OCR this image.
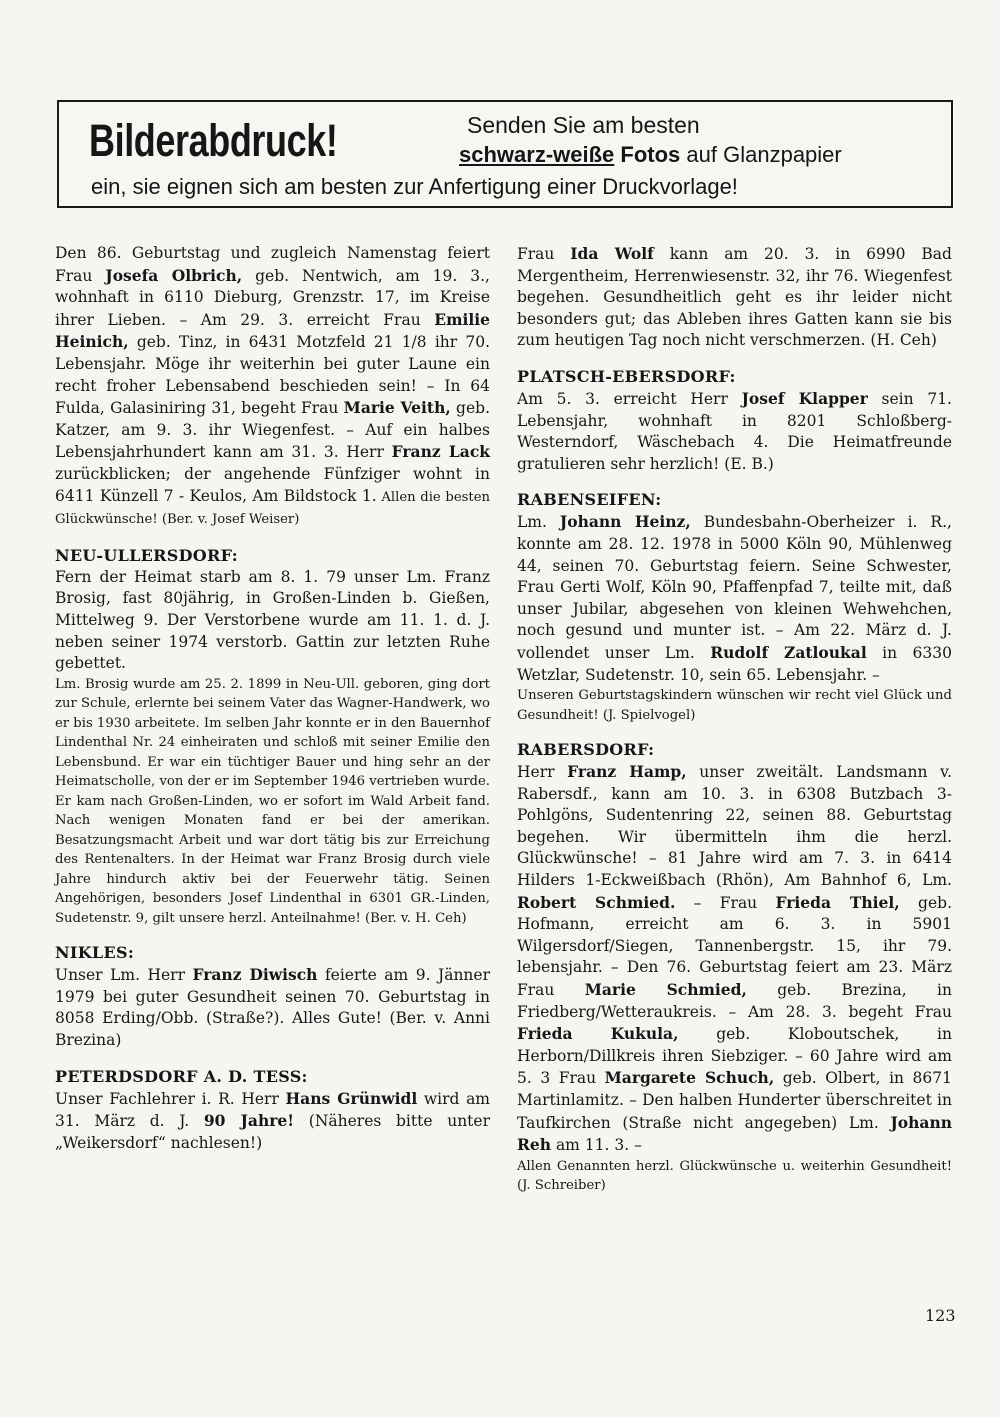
Bilderabdruck!	Senden Sie am besten
schwarz-weiße Fotos auf Glanzpapier
ein, sie eignen sich am besten zur Anfertigung einer Druckvorlage!

Den 86. Geburtstag und zugleich Namenstag feiert Frau Josefa Olbrich, geb. Nentwich, am 19. 3., wohnhaft in 6110 Dieburg, Grenzstr. 17, im Kreise ihrer Lieben. – Am 29. 3. erreicht Frau Emilie Heinich, geb. Tinz, in 6431 Motzfeld 21 1/8 ihr 70. Lebensjahr. Möge ihr weiterhin bei guter Laune ein recht froher Lebensabend beschieden sein! – In 64 Fulda, Galasiniring 31, begeht Frau Marie Veith, geb. Katzer, am 9. 3. ihr Wiegenfest. – Auf ein halbes Lebensjahrhundert kann am 31. 3. Herr Franz Lack zurückblicken; der angehende Fünfziger wohnt in 6411 Künzell 7 - Keulos, Am Bildstock 1. Allen die besten Glückwünsche! (Ber. v. Josef Weiser)

NEU-ULLERSDORF:

Fern der Heimat starb am 8. 1. 79 unser Lm. Franz Brosig, fast 80jährig, in Großen-Linden b. Gießen, Mittelweg 9. Der Verstorbene wurde am 11. 1. d. J. neben seiner 1974 verstorb. Gattin zur letzten Ruhe gebettet.

Lm. Brosig wurde am 25. 2. 1899 in Neu-Ull. geboren, ging dort zur Schule, erlernte bei seinem Vater das Wagner-Handwerk, wo er bis 1930 arbeitete. Im selben Jahr konnte er in den Bauernhof Lindenthal Nr. 24 einheiraten und schloß mit seiner Emilie den Lebensbund. Er war ein tüchtiger Bauer und hing sehr an der Heimatscholle, von der er im September 1946 vertrieben wurde. Er kam nach Großen-Linden, wo er sofort im Wald Arbeit fand. Nach wenigen Monaten fand er bei der amerikan. Besatzungsmacht Arbeit und war dort tätig bis zur Erreichung des Rentenalters. In der Heimat war Franz Brosig durch viele Jahre hindurch aktiv bei der Feuerwehr tätig. Seinen Angehörigen, besonders Josef Lindenthal in 6301 GR.-Linden, Sudetenstr. 9, gilt unsere herzl. Anteilnahme! (Ber. v. H. Ceh)

NIKLES:

Unser Lm. Herr Franz Diwisch feierte am 9. Jänner 1979 bei guter Gesundheit seinen 70. Geburtstag in 8058 Erding/Obb. (Straße?). Alles Gute! (Ber. v. Anni Brezina)

PETERDSDORF A. D. TESS:

Unser Fachlehrer i. R. Herr Hans Grünwidl wird am 31. März d. J. 90 Jahre! (Näheres bitte unter „Weikersdorf“ nachlesen!)

Frau Ida Wolf kann am 20. 3. in 6990 Bad Mergentheim, Herrenwiesenstr. 32, ihr 76. Wiegenfest begehen. Gesundheitlich geht es ihr leider nicht besonders gut; das Ableben ihres Gatten kann sie bis zum heutigen Tag noch nicht verschmerzen. (H. Ceh)

PLATSCH-EBERSDORF:

Am 5. 3. erreicht Herr Josef Klapper sein 71. Lebensjahr, wohnhaft in 8201 Schloßberg-Westerndorf, Wäschebach 4. Die Heimatfreunde gratulieren sehr herzlich! (E. B.)

RABENSEIFEN:

Lm. Johann Heinz, Bundesbahn-Oberheizer i. R., konnte am 28. 12. 1978 in 5000 Köln 90, Mühlenweg 44, seinen 70. Geburtstag feiern. Seine Schwester, Frau Gerti Wolf, Köln 90, Pfaffenpfad 7, teilte mit, daß unser Jubilar, abgesehen von kleinen Wehwehchen, noch gesund und munter ist. – Am 22. März d. J. vollendet unser Lm. Rudolf Zatloukal in 6330 Wetzlar, Sudetenstr. 10, sein 65. Lebensjahr. –

Unseren Geburtstagskindern wünschen wir recht viel Glück und Gesundheit! (J. Spielvogel)

RABERSDORF:

Herr Franz Hamp, unser zweitält. Landsmann v. Rabersdf., kann am 10. 3. in 6308 Butzbach 3-Pohlgöns, Sudentenring 22, seinen 88. Geburtstag begehen. Wir übermitteln ihm die herzl. Glückwünsche! – 81 Jahre wird am 7. 3. in 6414 Hilders 1-Eckweißbach (Rhön), Am Bahnhof 6, Lm. Robert Schmied. – Frau Frieda Thiel, geb. Hofmann, erreicht am 6. 3. in 5901 Wilgersdorf/Siegen, Tannenbergstr. 15, ihr 79. lebensjahr. – Den 76. Geburtstag feiert am 23. März Frau Marie Schmied, geb. Brezina, in Friedberg/Wetteraukreis. – Am 28. 3. begeht Frau Frieda Kukula, geb. Kloboutschek, in Herborn/Dillkreis ihren Siebziger. – 60 Jahre wird am 5. 3 Frau Margarete Schuch, geb. Olbert, in 8671 Martinlamitz. – Den halben Hunderter überschreitet in Taufkirchen (Straße nicht angegeben) Lm. Johann Reh am 11. 3. –

Allen Genannten herzl. Glückwünsche u. weiterhin Gesundheit! (J. Schreiber)

123
